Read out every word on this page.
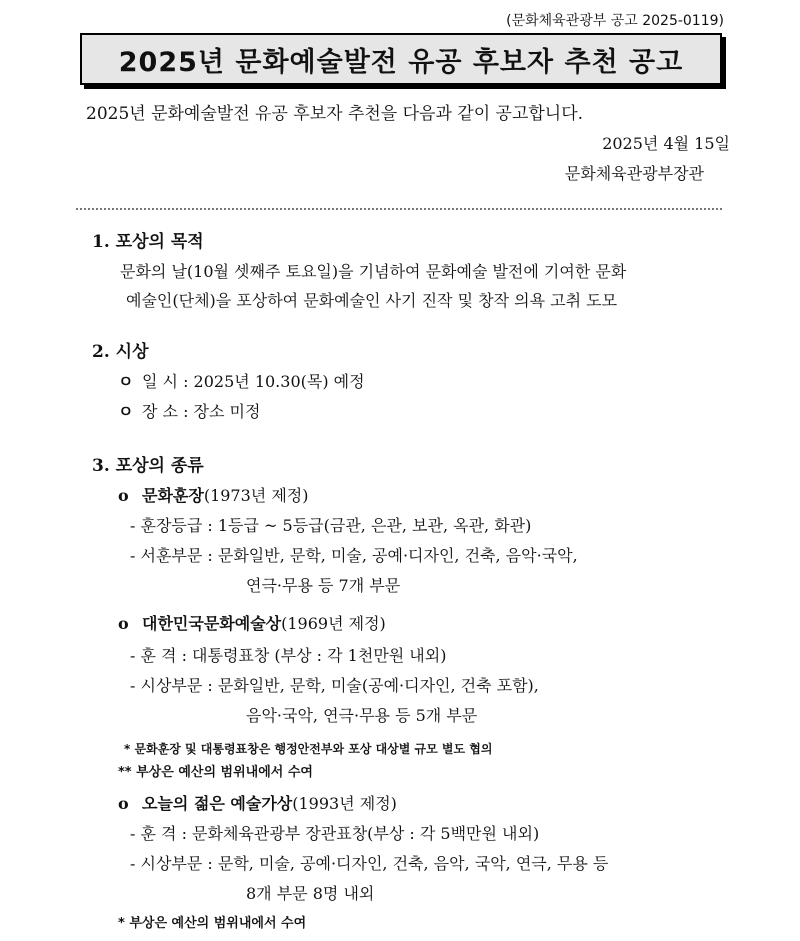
(문화체육관광부 공고 2025-0119)
2025년 문화예술발전 유공 후보자 추천 공고
2025년 문화예술발전 유공 후보자 추천을 다음과 같이 공고합니다.
2025년 4월 15일
문화체육관광부장관
1. 포상의 목적
문화의 날(10월 셋째주 토요일)을 기념하여 문화예술 발전에 기여한 문화
예술인(단체)을 포상하여 문화예술인 사기 진작 및 창작 의욕 고취 도모
2. 시상
ㅇ 일 시 : 2025년 10.30(목) 예정
ㅇ 장 소 : 장소 미정
3. 포상의 종류
o 문화훈장(1973년 제정)
- 훈장등급 : 1등급 ~ 5등급(금관, 은관, 보관, 옥관, 화관)
- 서훈부문 : 문화일반, 문학, 미술, 공예·디자인, 건축, 음악·국악,
연극·무용 등 7개 부문
o 대한민국문화예술상(1969년 제정)
- 훈 격 : 대통령표창 (부상 : 각 1천만원 내외)
- 시상부문 : 문화일반, 문학, 미술(공예·디자인, 건축 포함),
음악·국악, 연극·무용 등 5개 부문
* 문화훈장 및 대통령표창은 행정안전부와 포상 대상별 규모 별도 협의
** 부상은 예산의 범위내에서 수여
o 오늘의 젊은 예술가상(1993년 제정)
- 훈 격 : 문화체육관광부 장관표창(부상 : 각 5백만원 내외)
- 시상부문 : 문학, 미술, 공예·디자인, 건축, 음악, 국악, 연극, 무용 등
8개 부문 8명 내외
* 부상은 예산의 범위내에서 수여
